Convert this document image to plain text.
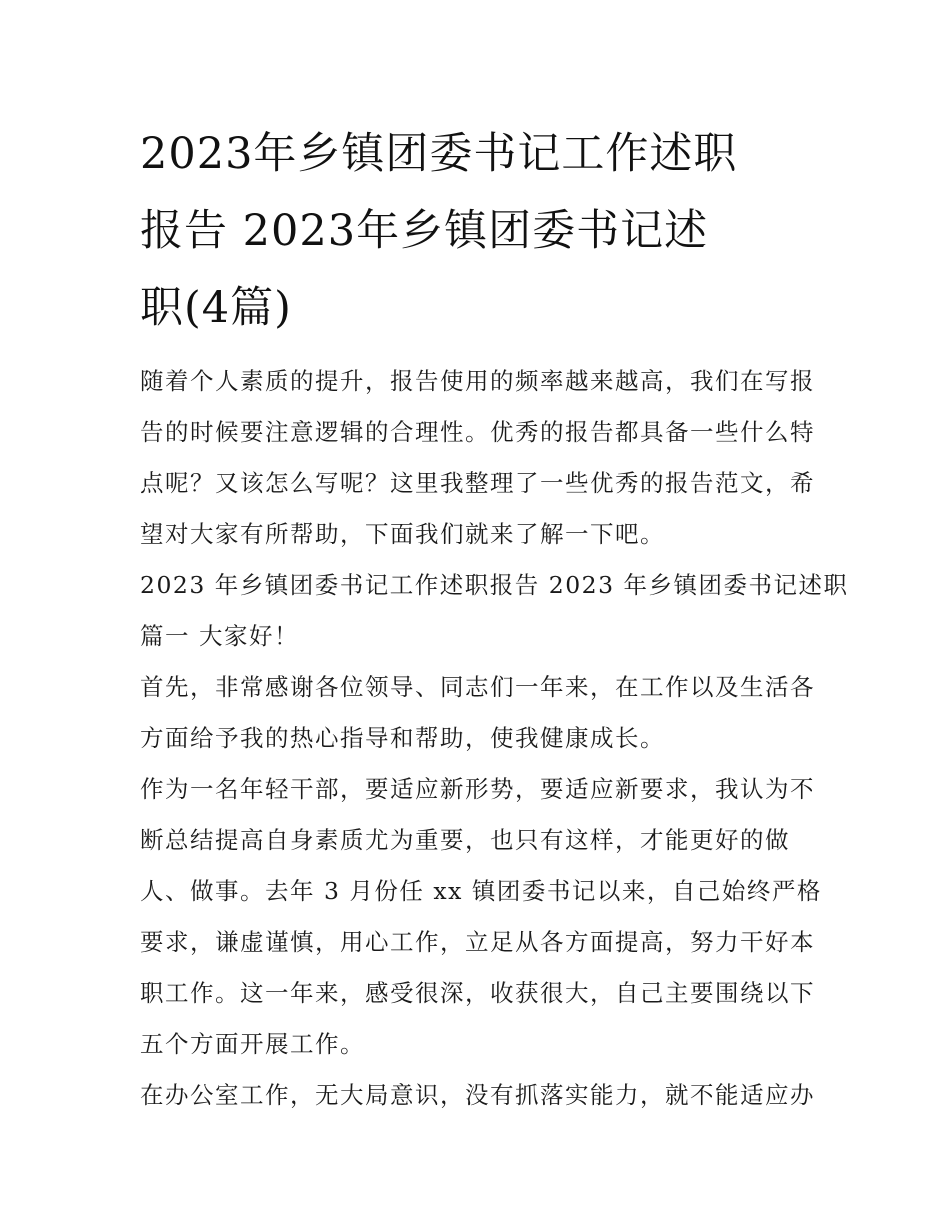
2023年乡镇团委书记工作述职
报告 2023年乡镇团委书记述
职(4篇)

随着个人素质的提升，报告使用的频率越来越高，我们在写报
告的时候要注意逻辑的合理性。优秀的报告都具备一些什么特
点呢？又该怎么写呢？这里我整理了一些优秀的报告范文，希
望对大家有所帮助，下面我们就来了解一下吧。

2023 年乡镇团委书记工作述职报告 2023 年乡镇团委书记述职
篇一 大家好！

首先，非常感谢各位领导、同志们一年来，在工作以及生活各
方面给予我的热心指导和帮助，使我健康成长。

作为一名年轻干部，要适应新形势，要适应新要求，我认为不
断总结提高自身素质尤为重要，也只有这样，才能更好的做
人、做事。去年 3 月份任 xx 镇团委书记以来，自己始终严格
要求，谦虚谨慎，用心工作，立足从各方面提高，努力干好本
职工作。这一年来，感受很深，收获很大，自己主要围绕以下
五个方面开展工作。

在办公室工作，无大局意识，没有抓落实能力，就不能适应办
